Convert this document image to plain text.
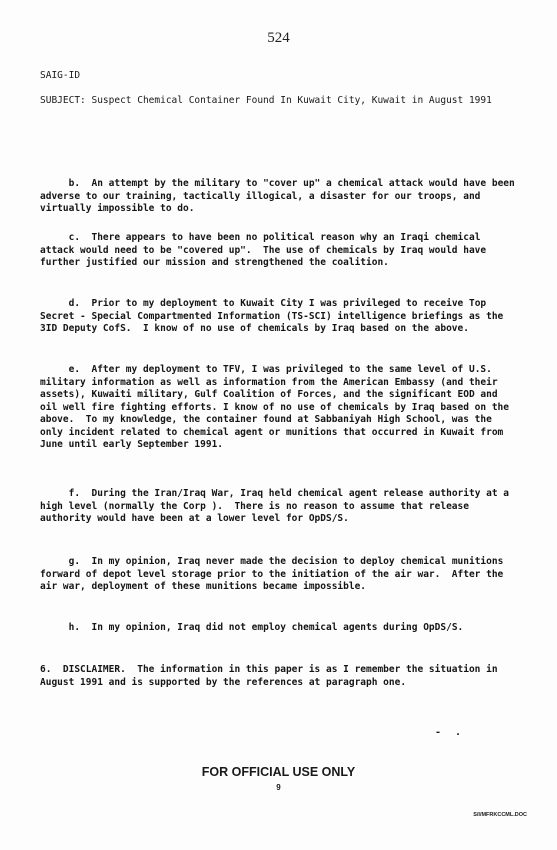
524
SAIG-ID
SUBJECT: Suspect Chemical Container Found In Kuwait City, Kuwait in August 1991
b.  An attempt by the military to "cover up" a chemical attack would have been adverse to our training, tactically illogical, a disaster for our troops, and virtually impossible to do.
c.  There appears to have been no political reason why an Iraqi chemical attack would need to be "covered up".  The use of chemicals by Iraq would have further justified our mission and strengthened the coalition.
d.  Prior to my deployment to Kuwait City I was privileged to receive Top Secret - Special Compartmented Information (TS-SCI) intelligence briefings as the 3ID Deputy CofS.  I know of no use of chemicals by Iraq based on the above.
e.  After my deployment to TFV, I was privileged to the same level of U.S. military information as well as information from the American Embassy (and their assets), Kuwaiti military, Gulf Coalition of Forces, and the significant EOD and oil well fire fighting efforts. I know of no use of chemicals by Iraq based on the above.  To my knowledge, the container found at Sabbaniyah High School, was the only incident related to chemical agent or munitions that occurred in Kuwait from June until early September 1991.
f.  During the Iran/Iraq War, Iraq held chemical agent release authority at a high level (normally the Corp ).  There is no reason to assume that release authority would have been at a lower level for OpDS/S.
g.  In my opinion, Iraq never made the decision to deploy chemical munitions forward of depot level storage prior to the initiation of the air war.  After the air war, deployment of these munitions became impossible.
h.  In my opinion, Iraq did not employ chemical agents during OpDS/S.
6.  DISCLAIMER.  The information in this paper is as I remember the situation in August 1991 and is supported by the references at paragraph one.
- .
FOR OFFICIAL USE ONLY
9
S/I/MFRKCCML.DOC
